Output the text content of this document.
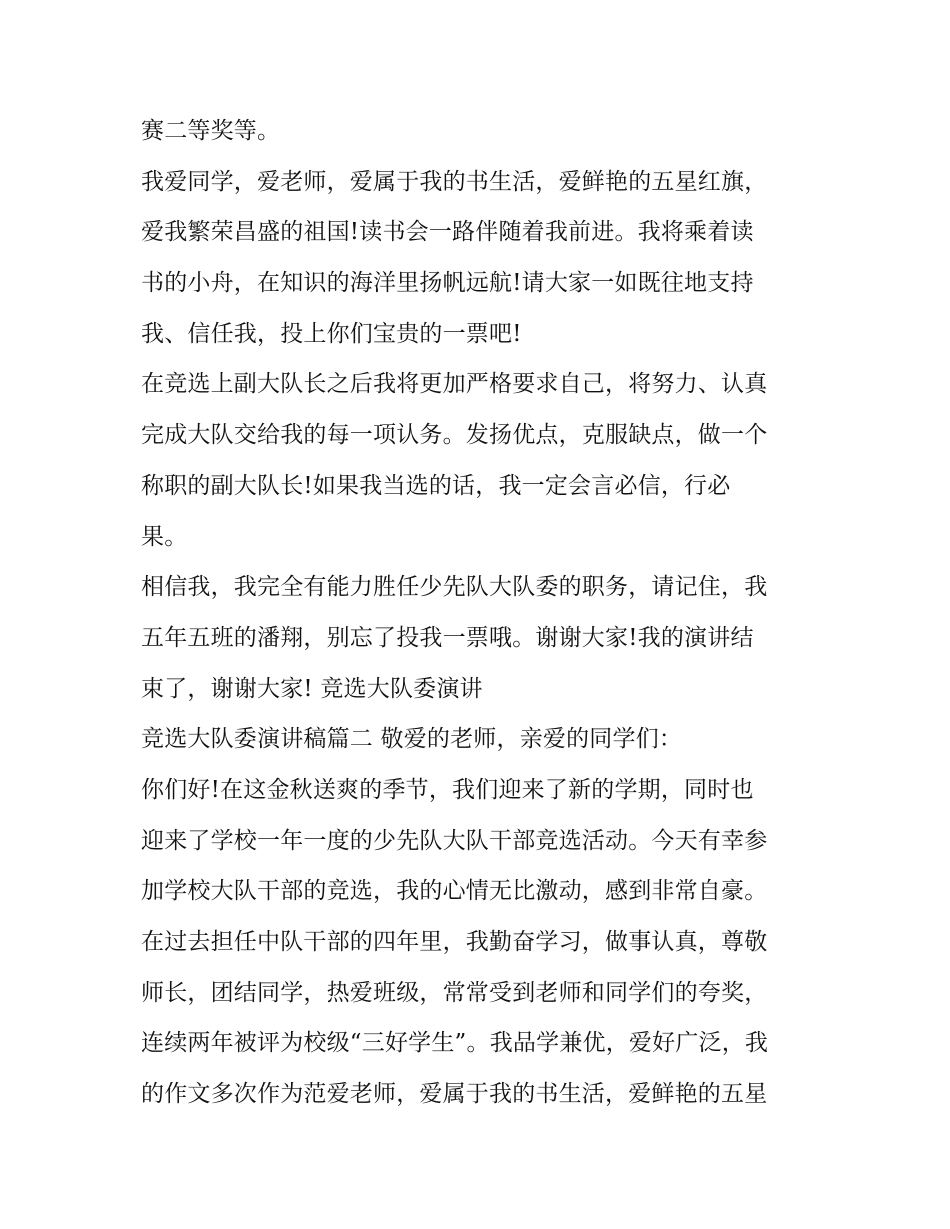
赛二等奖等。
我爱同学，爱老师，爱属于我的书生活，爱鲜艳的五星红旗，
爱我繁荣昌盛的祖国!读书会一路伴随着我前进。我将乘着读
书的小舟，在知识的海洋里扬帆远航!请大家一如既往地支持
我、信任我，投上你们宝贵的一票吧!
在竞选上副大队长之后我将更加严格要求自己，将努力、认真
完成大队交给我的每一项认务。发扬优点，克服缺点，做一个
称职的副大队长!如果我当选的话，我一定会言必信，行必
果。
相信我，我完全有能力胜任少先队大队委的职务，请记住，我
五年五班的潘翔，别忘了投我一票哦。谢谢大家!我的演讲结
束了，谢谢大家! 竞选大队委演讲
竞选大队委演讲稿篇二 敬爱的老师，亲爱的同学们：
你们好!在这金秋送爽的季节，我们迎来了新的学期，同时也
迎来了学校一年一度的少先队大队干部竞选活动。今天有幸参
加学校大队干部的竞选，我的心情无比激动，感到非常自豪。
在过去担任中队干部的四年里，我勤奋学习，做事认真，尊敬
师长，团结同学，热爱班级，常常受到老师和同学们的夸奖，
连续两年被评为校级“三好学生”。我品学兼优，爱好广泛，我
的作文多次作为范爱老师，爱属于我的书生活，爱鲜艳的五星
